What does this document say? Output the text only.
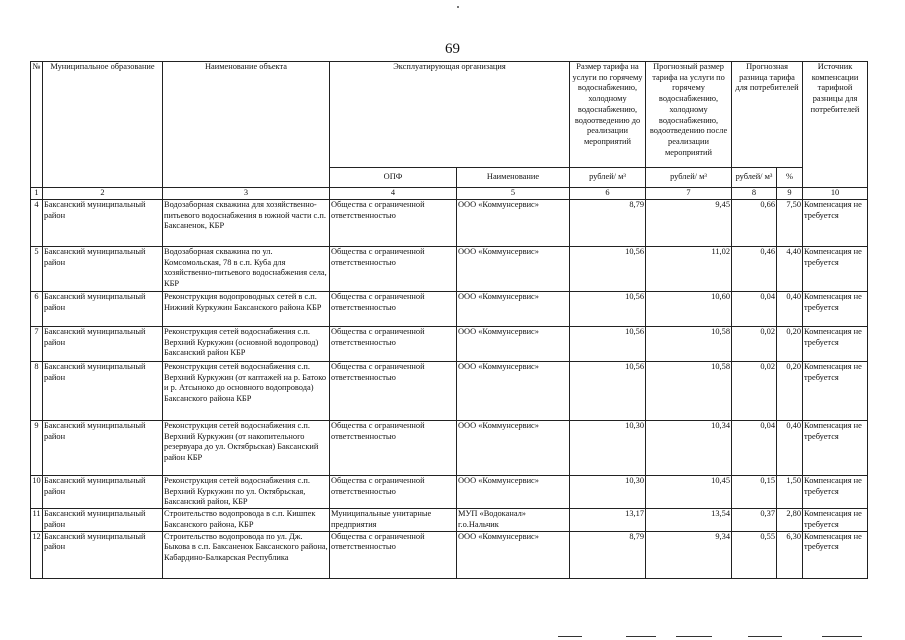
69
№	Муниципальное образование	Наименование объекта	Эксплуатирующая организация		Размер тарифа на услуги по горячему водоснабжению, холодному водоснабжению, водоотведению до реализации мероприятий	Прогнозный размер тарифа на услуги по горячему водоснабжению, холодному водоснабжению, водоотведению после реализации мероприятий	Прогнозная разница тарифа для потребителей		Источник компенсации тарифной разницы для потребителей
			ОПФ	Наименование	рублей/ м³	рублей/ м³	рублей/ м³	%	
1	2	3	4	5	6	7	8	9	10
4	Баксанский муниципальный район	Водозаборная скважина для хозяйственно-питьевого водоснабжения в южной части с.п. Баксаненок, КБР	Общества с ограниченной ответственностью	ООО «Коммунсервис»	8,79	9,45	0,66	7,50	Компенсация не требуется
5	Баксанский муниципальный район	Водозаборная скважина по ул. Комсомольская, 78 в с.п. Куба для хозяйственно-питьевого водоснабжения села, КБР	Общества с ограниченной ответственностью	ООО «Коммунсервис»	10,56	11,02	0,46	4,40	Компенсация не требуется
6	Баксанский муниципальный район	Реконструкция водопроводных сетей в с.п. Нижний Куркужин Баксанского района КБР	Общества с ограниченной ответственностью	ООО «Коммунсервис»	10,56	10,60	0,04	0,40	Компенсация не требуется
7	Баксанский муниципальный район	Реконструкция сетей водоснабжения с.п. Верхний Куркужин (основной водопровод) Баксанский район КБР	Общества с ограниченной ответственностью	ООО «Коммунсервис»	10,56	10,58	0,02	0,20	Компенсация не требуется
8	Баксанский муниципальный район	Реконструкция сетей водоснабжения с.п. Верхний Куркужин (от каптажей на р. Батоко и р. Атсыноко до основного водопровода) Баксанского района КБР	Общества с ограниченной ответственностью	ООО «Коммунсервис»	10,56	10,58	0,02	0,20	Компенсация не требуется
9	Баксанский муниципальный район	Реконструкция сетей водоснабжения с.п. Верхний Куркужин (от накопительного резервуара до ул. Октябрьская) Баксанский район КБР	Общества с ограниченной ответственностью	ООО «Коммунсервис»	10,30	10,34	0,04	0,40	Компенсация не требуется
10	Баксанский муниципальный район	Реконструкция сетей водоснабжения с.п. Верхний Куркужин по ул. Октябрьская, Баксанский район, КБР	Общества с ограниченной ответственностью	ООО «Коммунсервис»	10,30	10,45	0,15	1,50	Компенсация не требуется
11	Баксанский муниципальный район	Строительство водопровода в с.п. Кишпек Баксанского района, КБР	Муниципальные унитарные предприятия	МУП «Водоканал» г.о.Нальчик	13,17	13,54	0,37	2,80	Компенсация не требуется
12	Баксанский муниципальный район	Строительство водопровода по ул. Дж. Быкова в с.п. Баксаненок Баксанского района, Кабардино-Балкарская Республика	Общества с ограниченной ответственностью	ООО «Коммунсервис»	8,79	9,34	0,55	6,30	Компенсация не требуется
